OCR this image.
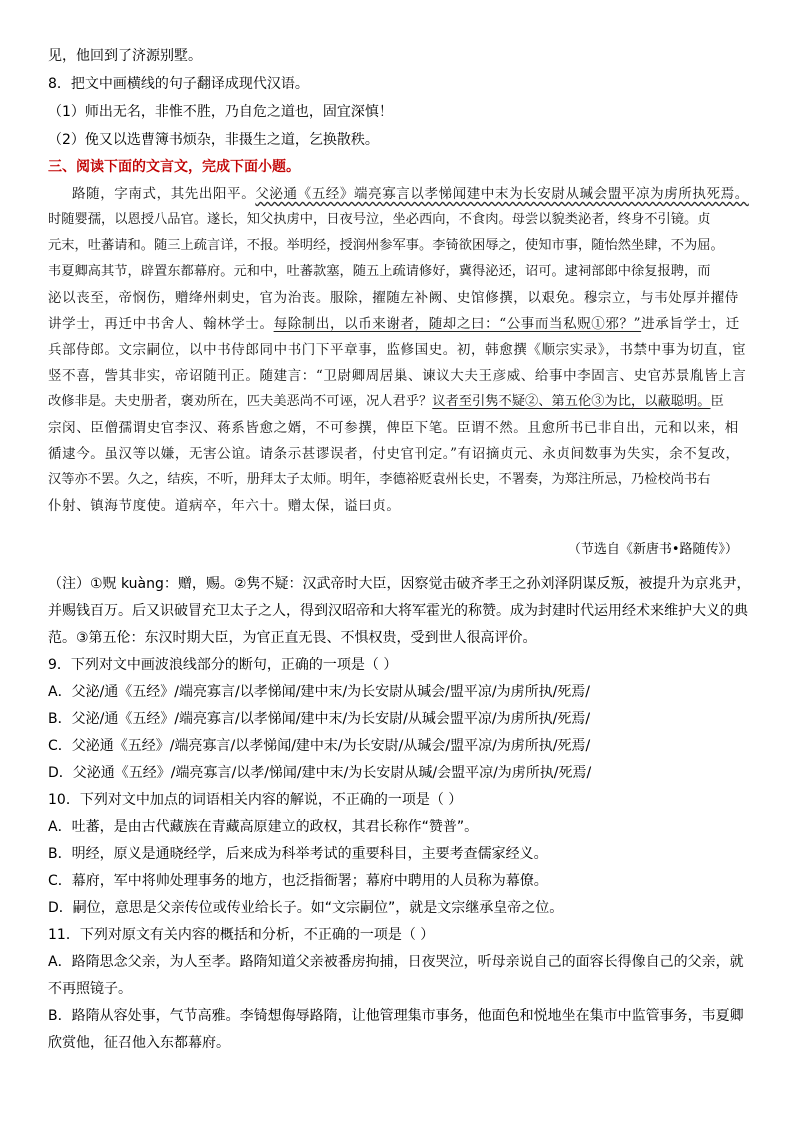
见，他回到了济源别墅。
8．把文中画横线的句子翻译成现代汉语。
（1）师出无名，非惟不胜，乃自危之道也，固宜深慎！
（2）俛又以选曹簿书烦杂，非摄生之道，乞换散秩。
三、阅读下面的文言文，完成下面小题。
路随，字南式，其先出阳平。父泌通《五经》端亮寡言以孝悌闻建中末为长安尉从瑊会盟平凉为虏所执死焉。
时随婴孺，以恩授八品官。遂长，知父执虏中，日夜号泣，坐必西向，不食肉。母尝以貌类泌者，终身不引镜。贞
元末，吐蕃请和。随三上疏言详，不报。举明经，授润州参军事。李锜欲困辱之，使知市事，随怡然坐肆，不为屈。
韦夏卿高其节，辟置东都幕府。元和中，吐蕃款塞，随五上疏请修好，冀得泌还，诏可。逮祠部郎中徐复报聘，而
泌以丧至，帝悯伤，赠绛州刺史，官为治丧。服除，擢随左补阙、史馆修撰，以艰免。穆宗立，与韦处厚并擢侍
讲学士，再迁中书舍人、翰林学士。每除制出，以币来谢者，随却之曰：“公事而当私贶①邪？”进承旨学士，迁
兵部侍郎。文宗嗣位，以中书侍郎同中书门下平章事，监修国史。初，韩愈撰《顺宗实录》，书禁中事为切直，宦
竖不喜，訾其非实，帝诏随刊正。随建言：“卫尉卿周居巢、谏议大夫王彦威、给事中李固言、史官苏景胤皆上言
改修非是。夫史册者，褒劝所在，匹夫美恶尚不可诬，况人君乎？议者至引隽不疑②、第五伦③为比，以蔽聪明。臣
宗闵、臣僧孺谓史官李汉、蒋系皆愈之婿，不可参撰，俾臣下笔。臣谓不然。且愈所书已非自出，元和以来，相
循逮今。虽汉等以嫌，无害公谊。请条示甚谬误者，付史官刊定。”有诏摘贞元、永贞间数事为失实，余不复改，
汉等亦不罢。久之，结疾，不听，册拜太子太师。明年，李德裕贬袁州长史，不署奏，为郑注所忌，乃检校尚书右
仆射、镇海节度使。道病卒，年六十。赠太保，谥曰贞。
（节选自《新唐书•路随传》）
（注）①贶 kuàng：赠，赐。②隽不疑：汉武帝时大臣，因察觉击破齐孝王之孙刘泽阴谋反叛，被提升为京兆尹，
并赐钱百万。后又识破冒充卫太子之人，得到汉昭帝和大将军霍光的称赞。成为封建时代运用经术来维护大义的典
范。③第五伦：东汉时期大臣，为官正直无畏、不惧权贵，受到世人很高评价。
9．下列对文中画波浪线部分的断句，正确的一项是（ ）
A．父泌/通《五经》/端亮寡言/以孝悌闻/建中末/为长安尉从瑊会/盟平凉/为虏所执/死焉/
B．父泌/通《五经》/端亮寡言/以孝悌闻/建中末/为长安尉/从瑊会盟平凉/为虏所执/死焉/
C．父泌通《五经》/端亮寡言/以孝悌闻/建中末/为长安尉/从瑊会/盟平凉/为虏所执/死焉/
D．父泌通《五经》/端亮寡言/以孝/悌闻/建中末/为长安尉从瑊/会盟平凉/为虏所执/死焉/
10．下列对文中加点的词语相关内容的解说，不正确的一项是（ ）
A．吐蕃，是由古代藏族在青藏高原建立的政权，其君长称作“赞普”。
B．明经，原义是通晓经学，后来成为科举考试的重要科目，主要考查儒家经义。
C．幕府，军中将帅处理事务的地方，也泛指衙署；幕府中聘用的人员称为幕僚。
D．嗣位，意思是父亲传位或传业给长子。如“文宗嗣位”，就是文宗继承皇帝之位。
11．下列对原文有关内容的概括和分析，不正确的一项是（ ）
A．路隋思念父亲，为人至孝。路隋知道父亲被番房拘捕，日夜哭泣，听母亲说自己的面容长得像自己的父亲，就
不再照镜子。
B．路隋从容处事，气节高雅。李锜想侮辱路隋，让他管理集市事务，他面色和悦地坐在集市中监管事务，韦夏卿
欣赏他，征召他入东都幕府。
